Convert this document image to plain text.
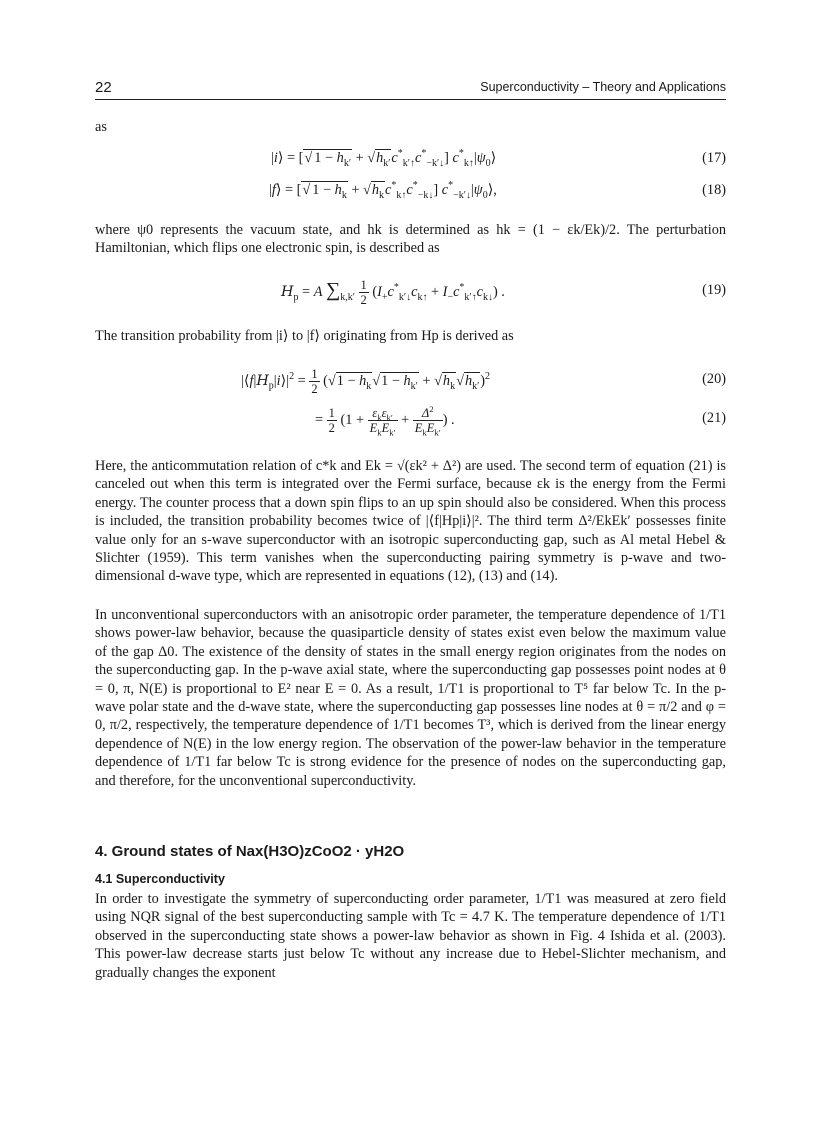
22	Superconductivity – Theory and Applications

as

|i⟩ = [√ $1 - h_{k'} + √h_{k'}c^*_{k'↑}c^*_{-k'↓}$] $c^*_{k↑}|\psi_0⟩$	(17)
|f⟩ = [√ $1 - h_k + √h_kc^*_{k↑}c^*_{-k↓}$] $c^*_{-k'↓}|\psi_0⟩$,	(18)

where ψ0 represents the vacuum state, and hk is determined as hk = (1 − εk/Ek)/2. The perturbation Hamiltonian, which flips one electronic spin, is described as

$H_p = A$ $\sum_{k,k'} \frac{1}{2} (I_+c^*_{k'↓}c_{k↑} + I_-c^*_{k'↑}c_{k↓})$ .	(19)

The transition probability from |i⟩ to |f⟩ originating from Hp is derived as

$|⟨f|H_p|i⟩|^2 = \frac{1}{2} (√1 - h_k√1 - h_{k'} + √h_k√h_{k'})^2$	(20)
= $\frac{1}{2} (1 + \frac{\varepsilon_k\varepsilon_{k'}}{E_kE_{k'}} + \frac{\Delta^2}{E_kE_{k'}}$ ) .	(21)

Here, the anticommutation relation of c*k and Ek = √(εk² + Δ²) are used. The second term of equation (21) is canceled out when this term is integrated over the Fermi surface, because εk is the energy from the Fermi energy. The counter process that a down spin flips to an up spin should also be considered. When this process is included, the transition probability becomes twice of |⟨f|Hp|i⟩|². The third term Δ²/EkEk′ possesses finite value only for an s-wave superconductor with an isotropic superconducting gap, such as Al metal Hebel & Slichter (1959). This term vanishes when the superconducting pairing symmetry is p-wave and two-dimensional d-wave type, which are represented in equations (12), (13) and (14).

In unconventional superconductors with an anisotropic order parameter, the temperature dependence of 1/T1 shows power-law behavior, because the quasiparticle density of states exist even below the maximum value of the gap Δ0. The existence of the density of states in the small energy region originates from the nodes on the superconducting gap. In the p-wave axial state, where the superconducting gap possesses point nodes at θ = 0, π, N(E) is proportional to E² near E = 0. As a result, 1/T1 is proportional to T⁵ far below Tc. In the p-wave polar state and the d-wave state, where the superconducting gap possesses line nodes at θ = π/2 and φ = 0, π/2, respectively, the temperature dependence of 1/T1 becomes T³, which is derived from the linear energy dependence of N(E) in the low energy region. The observation of the power-law behavior in the temperature dependence of 1/T1 far below Tc is strong evidence for the presence of nodes on the superconducting gap, and therefore, for the unconventional superconductivity.

4. Ground states of Nax(H3O)zCoO2 · yH2O
4.1 Superconductivity

In order to investigate the symmetry of superconducting order parameter, 1/T1 was measured at zero field using NQR signal of the best superconducting sample with Tc = 4.7 K. The temperature dependence of 1/T1 observed in the superconducting state shows a power-law behavior as shown in Fig. 4 Ishida et al. (2003). This power-law decrease starts just below Tc without any increase due to Hebel-Slichter mechanism, and gradually changes the exponent
